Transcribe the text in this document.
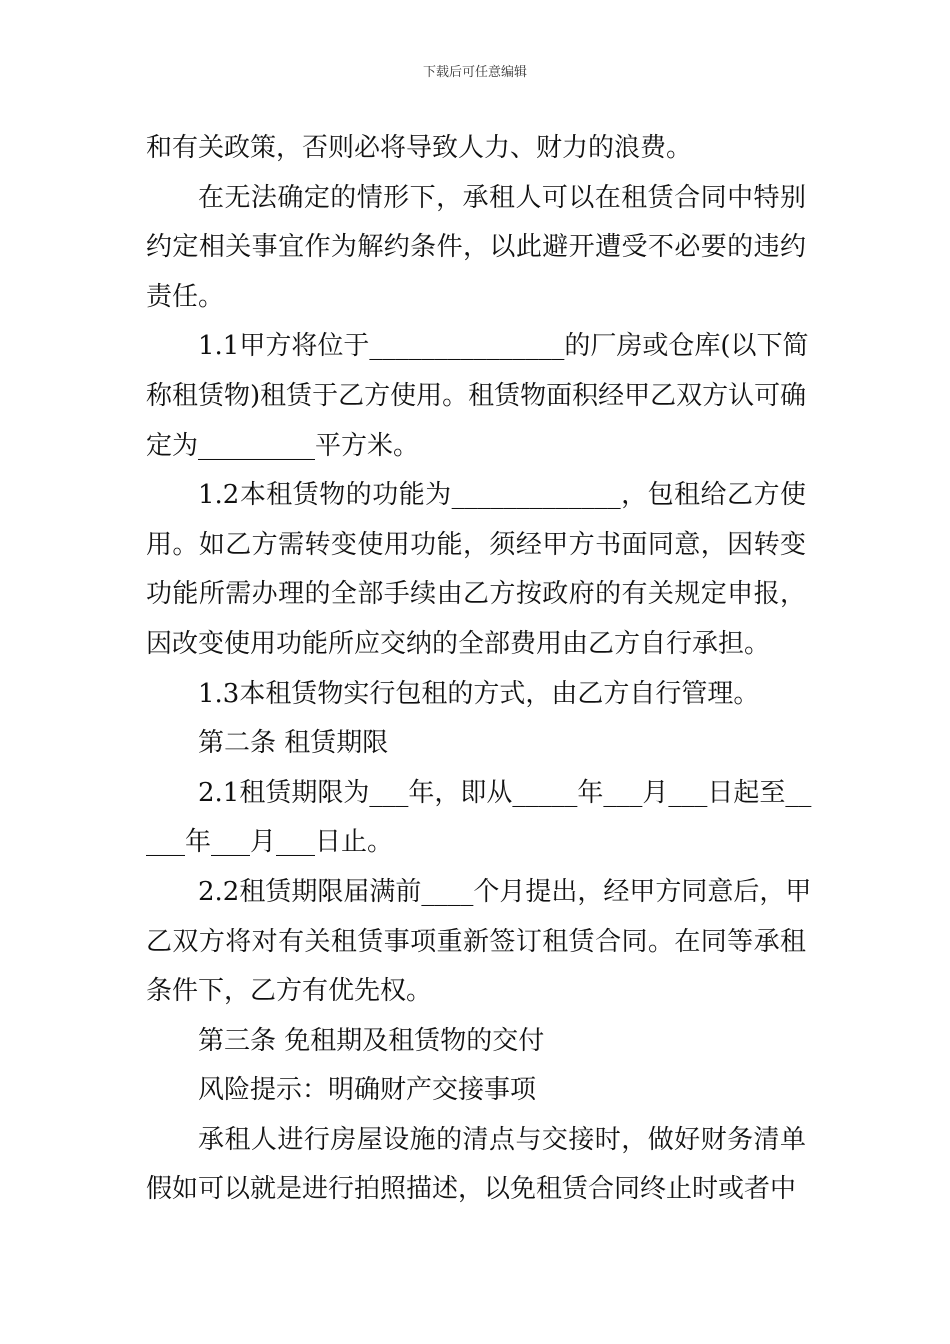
下载后可任意编辑

和有关政策，否则必将导致人力、财力的浪费。

在无法确定的情形下，承租人可以在租赁合同中特别
约定相关事宜作为解约条件，以此避开遭受不必要的违约
责任。

1.1甲方将位于_______________的厂房或仓库(以下简
称租赁物)租赁于乙方使用。租赁物面积经甲乙双方认可确
定为_________平方米。

1.2本租赁物的功能为_____________，包租给乙方使
用。如乙方需转变使用功能，须经甲方书面同意，因转变
功能所需办理的全部手续由乙方按政府的有关规定申报，
因改变使用功能所应交纳的全部费用由乙方自行承担。

1.3本租赁物实行包租的方式，由乙方自行管理。

第二条 租赁期限

2.1租赁期限为___年，即从_____年___月___日起至__
___年___月___日止。

2.2租赁期限届满前____个月提出，经甲方同意后，甲
乙双方将对有关租赁事项重新签订租赁合同。在同等承租
条件下，乙方有优先权。

第三条 免租期及租赁物的交付

风险提示：明确财产交接事项

承租人进行房屋设施的清点与交接时，做好财务清单
假如可以就是进行拍照描述，以免租赁合同终止时或者中
